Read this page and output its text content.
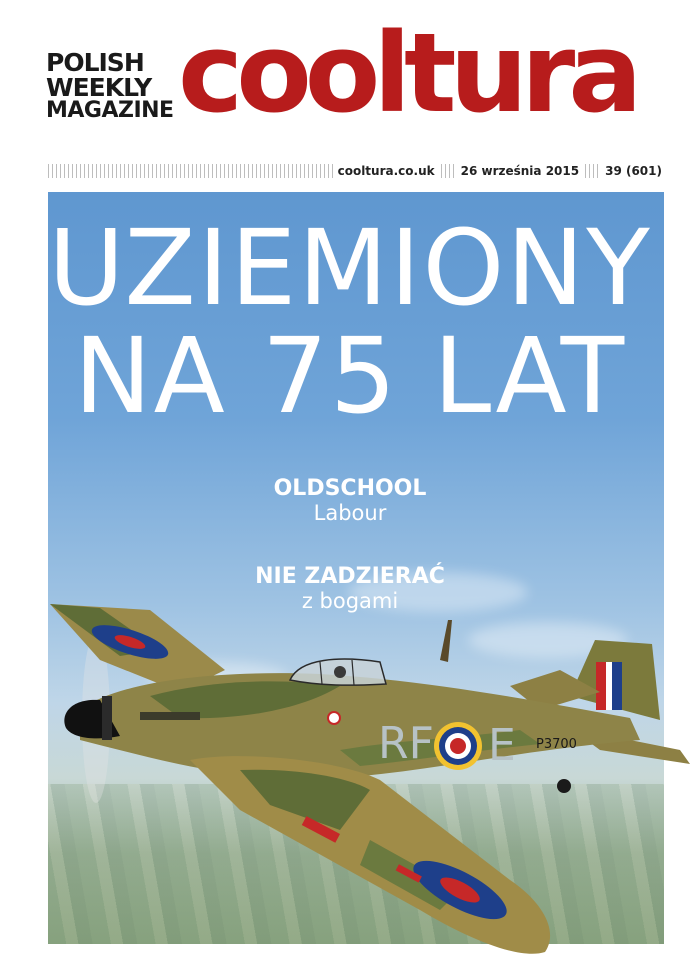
POLISH
WEEKLY
MAGAZINE cooltura
cooltura.co.uk 26 września 2015 39 (601)
UZIEMIONY
NA 75 LAT
OLDSCHOOL
Labour
NIE ZADZIERAĆ
z bogami
RF E P3700
